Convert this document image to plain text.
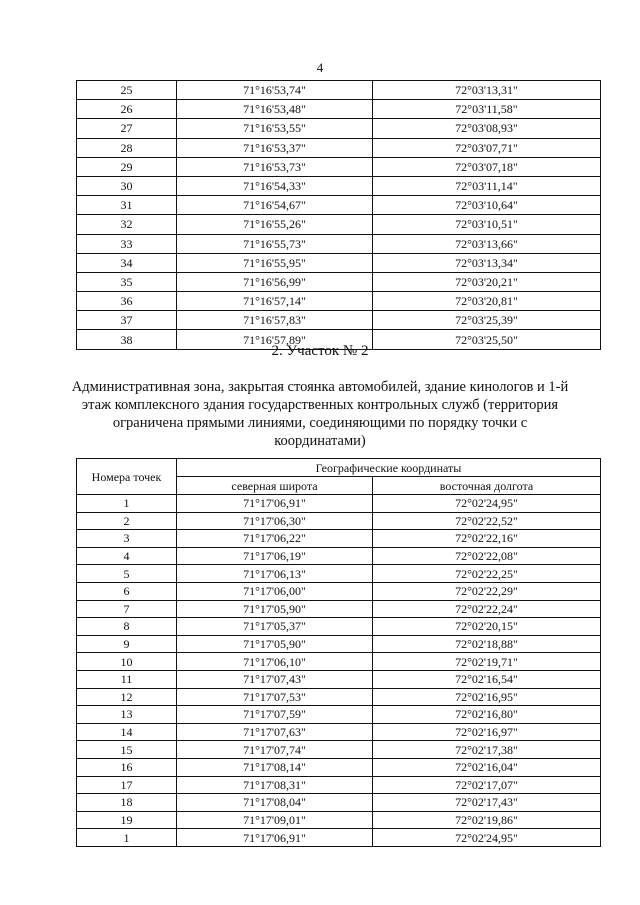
4
25	71°16'53,74"	72°03'13,31"
26	71°16'53,48"	72°03'11,58"
27	71°16'53,55"	72°03'08,93"
28	71°16'53,37"	72°03'07,71"
29	71°16'53,73"	72°03'07,18"
30	71°16'54,33"	72°03'11,14"
31	71°16'54,67"	72°03'10,64"
32	71°16'55,26"	72°03'10,51"
33	71°16'55,73"	72°03'13,66"
34	71°16'55,95"	72°03'13,34"
35	71°16'56,99"	72°03'20,21"
36	71°16'57,14"	72°03'20,81"
37	71°16'57,83"	72°03'25,39"
38	71°16'57,89"	72°03'25,50"
2. Участок № 2
Административная зона, закрытая стоянка автомобилей, здание кинологов и 1-й этаж комплексного здания государственных контрольных служб (территория ограничена прямыми линиями, соединяющими по порядку точки с координатами)
Номера точек	Географические координаты	
	северная широта	восточная долгота
1	71°17'06,91"	72°02'24,95"
2	71°17'06,30"	72°02'22,52"
3	71°17'06,22"	72°02'22,16"
4	71°17'06,19"	72°02'22,08"
5	71°17'06,13"	72°02'22,25"
6	71°17'06,00"	72°02'22,29"
7	71°17'05,90"	72°02'22,24"
8	71°17'05,37"	72°02'20,15"
9	71°17'05,90"	72°02'18,88"
10	71°17'06,10"	72°02'19,71"
11	71°17'07,43"	72°02'16,54"
12	71°17'07,53"	72°02'16,95"
13	71°17'07,59"	72°02'16,80"
14	71°17'07,63"	72°02'16,97"
15	71°17'07,74"	72°02'17,38"
16	71°17'08,14"	72°02'16,04"
17	71°17'08,31"	72°02'17,07"
18	71°17'08,04"	72°02'17,43"
19	71°17'09,01"	72°02'19,86"
1	71°17'06,91"	72°02'24,95"
